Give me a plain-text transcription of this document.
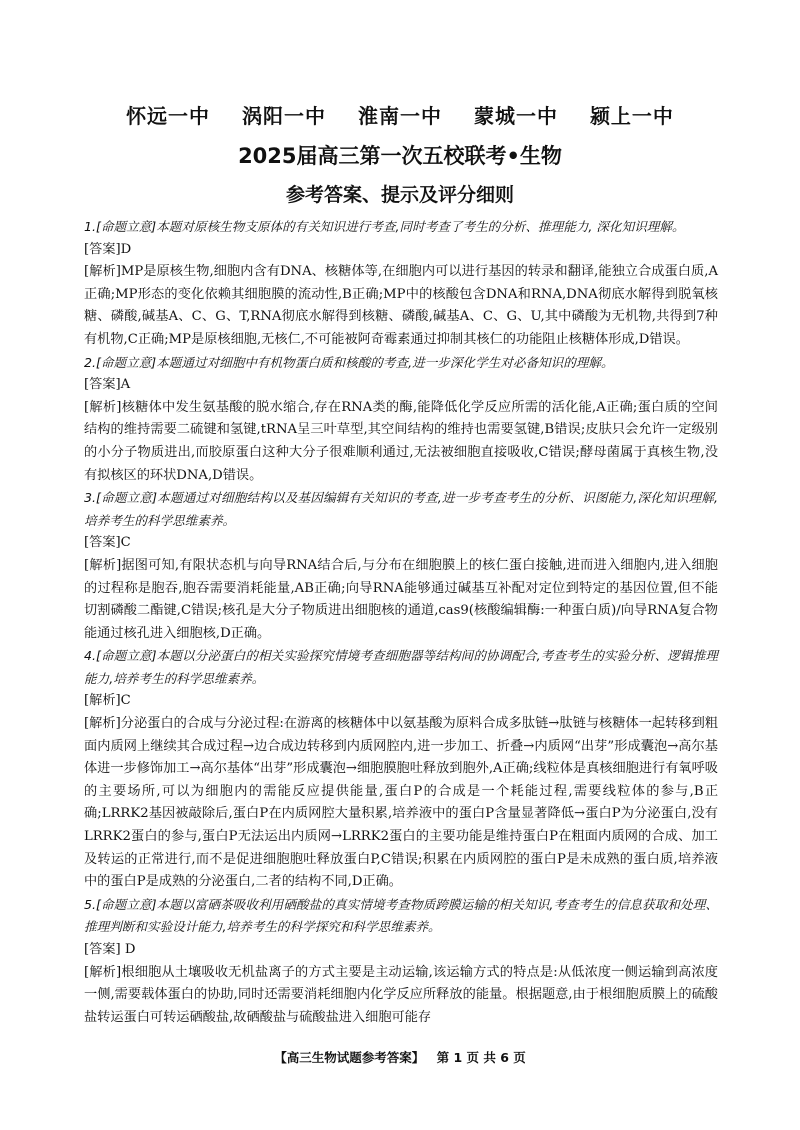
怀远一中 涡阳一中 淮南一中 蒙城一中 颍上一中
2025届高三第一次五校联考•生物
参考答案、提示及评分细则

1.[命题立意]本题对原核生物支原体的有关知识进行考查,同时考查了考生的分析、推理能力, 深化知识理解。

[答案]D

[解析]MP是原核生物,细胞内含有DNA、核糖体等,在细胞内可以进行基因的转录和翻译,能独立合成蛋白质,A正确;MP形态的变化依赖其细胞膜的流动性,B正确;MP中的核酸包含DNA和RNA,DNA彻底水解得到脱氧核糖、磷酸,碱基A、C、G、T,RNA彻底水解得到核糖、磷酸,碱基A、C、G、U,其中磷酸为无机物,共得到7种有机物,C正确;MP是原核细胞,无核仁,不可能被阿奇霉素通过抑制其核仁的功能阻止核糖体形成,D错误。

2.[命题立意]本题通过对细胞中有机物蛋白质和核酸的考查,进一步深化学生对必备知识的理解。

[答案]A

[解析]核糖体中发生氨基酸的脱水缩合,存在RNA类的酶,能降低化学反应所需的活化能,A正确;蛋白质的空间结构的维持需要二硫键和氢键,tRNA呈三叶草型,其空间结构的维持也需要氢键,B错误;皮肤只会允许一定级别的小分子物质进出,而胶原蛋白这种大分子很难顺利通过,无法被细胞直接吸收,C错误;酵母菌属于真核生物,没有拟核区的环状DNA,D错误。

3.[命题立意]本题通过对细胞结构以及基因编辑有关知识的考查,进一步考查考生的分析、识图能力,深化知识理解,培养考生的科学思维素养。

[答案]C

[解析]据图可知,有限状态机与向导RNA结合后,与分布在细胞膜上的核仁蛋白接触,进而进入细胞内,进入细胞的过程称是胞吞,胞吞需要消耗能量,AB正确;向导RNA能够通过碱基互补配对定位到特定的基因位置,但不能切割磷酸二酯键,C错误;核孔是大分子物质进出细胞核的通道,cas9(核酸编辑酶:一种蛋白质)/向导RNA复合物能通过核孔进入细胞核,D正确。

4.[命题立意]本题以分泌蛋白的相关实验探究情境考查细胞器等结构间的协调配合,考查考生的实验分析、逻辑推理能力,培养考生的科学思维素养。

[解析]C

[解析]分泌蛋白的合成与分泌过程:在游离的核糖体中以氨基酸为原料合成多肽链→肽链与核糖体一起转移到粗面内质网上继续其合成过程→边合成边转移到内质网腔内,进一步加工、折叠→内质网“出芽”形成囊泡→高尔基体进一步修饰加工→高尔基体“出芽”形成囊泡→细胞膜胞吐释放到胞外,A正确;线粒体是真核细胞进行有氧呼吸的主要场所,可以为细胞内的需能反应提供能量,蛋白P的合成是一个耗能过程,需要线粒体的参与,B正确;LRRK2基因被敲除后,蛋白P在内质网腔大量积累,培养液中的蛋白P含量显著降低→蛋白P为分泌蛋白,没有LRRK2蛋白的参与,蛋白P无法运出内质网→LRRK2蛋白的主要功能是维持蛋白P在粗面内质网的合成、加工及转运的正常进行,而不是促进细胞胞吐释放蛋白P,C错误;积累在内质网腔的蛋白P是未成熟的蛋白质,培养液中的蛋白P是成熟的分泌蛋白,二者的结构不同,D正确。

5.[命题立意]本题以富硒茶吸收利用硒酸盐的真实情境考查物质跨膜运输的相关知识,考查考生的信息获取和处理、推理判断和实验设计能力,培养考生的科学探究和科学思维素养。

[答案] D

[解析]根细胞从土壤吸收无机盐离子的方式主要是主动运输,该运输方式的特点是:从低浓度一侧运输到高浓度一侧,需要载体蛋白的协助,同时还需要消耗细胞内化学反应所释放的能量。根据题意,由于根细胞质膜上的硫酸盐转运蛋白可转运硒酸盐,故硒酸盐与硫酸盐进入细胞可能存

【高三生物试题参考答案】 第 1 页 共 6 页
